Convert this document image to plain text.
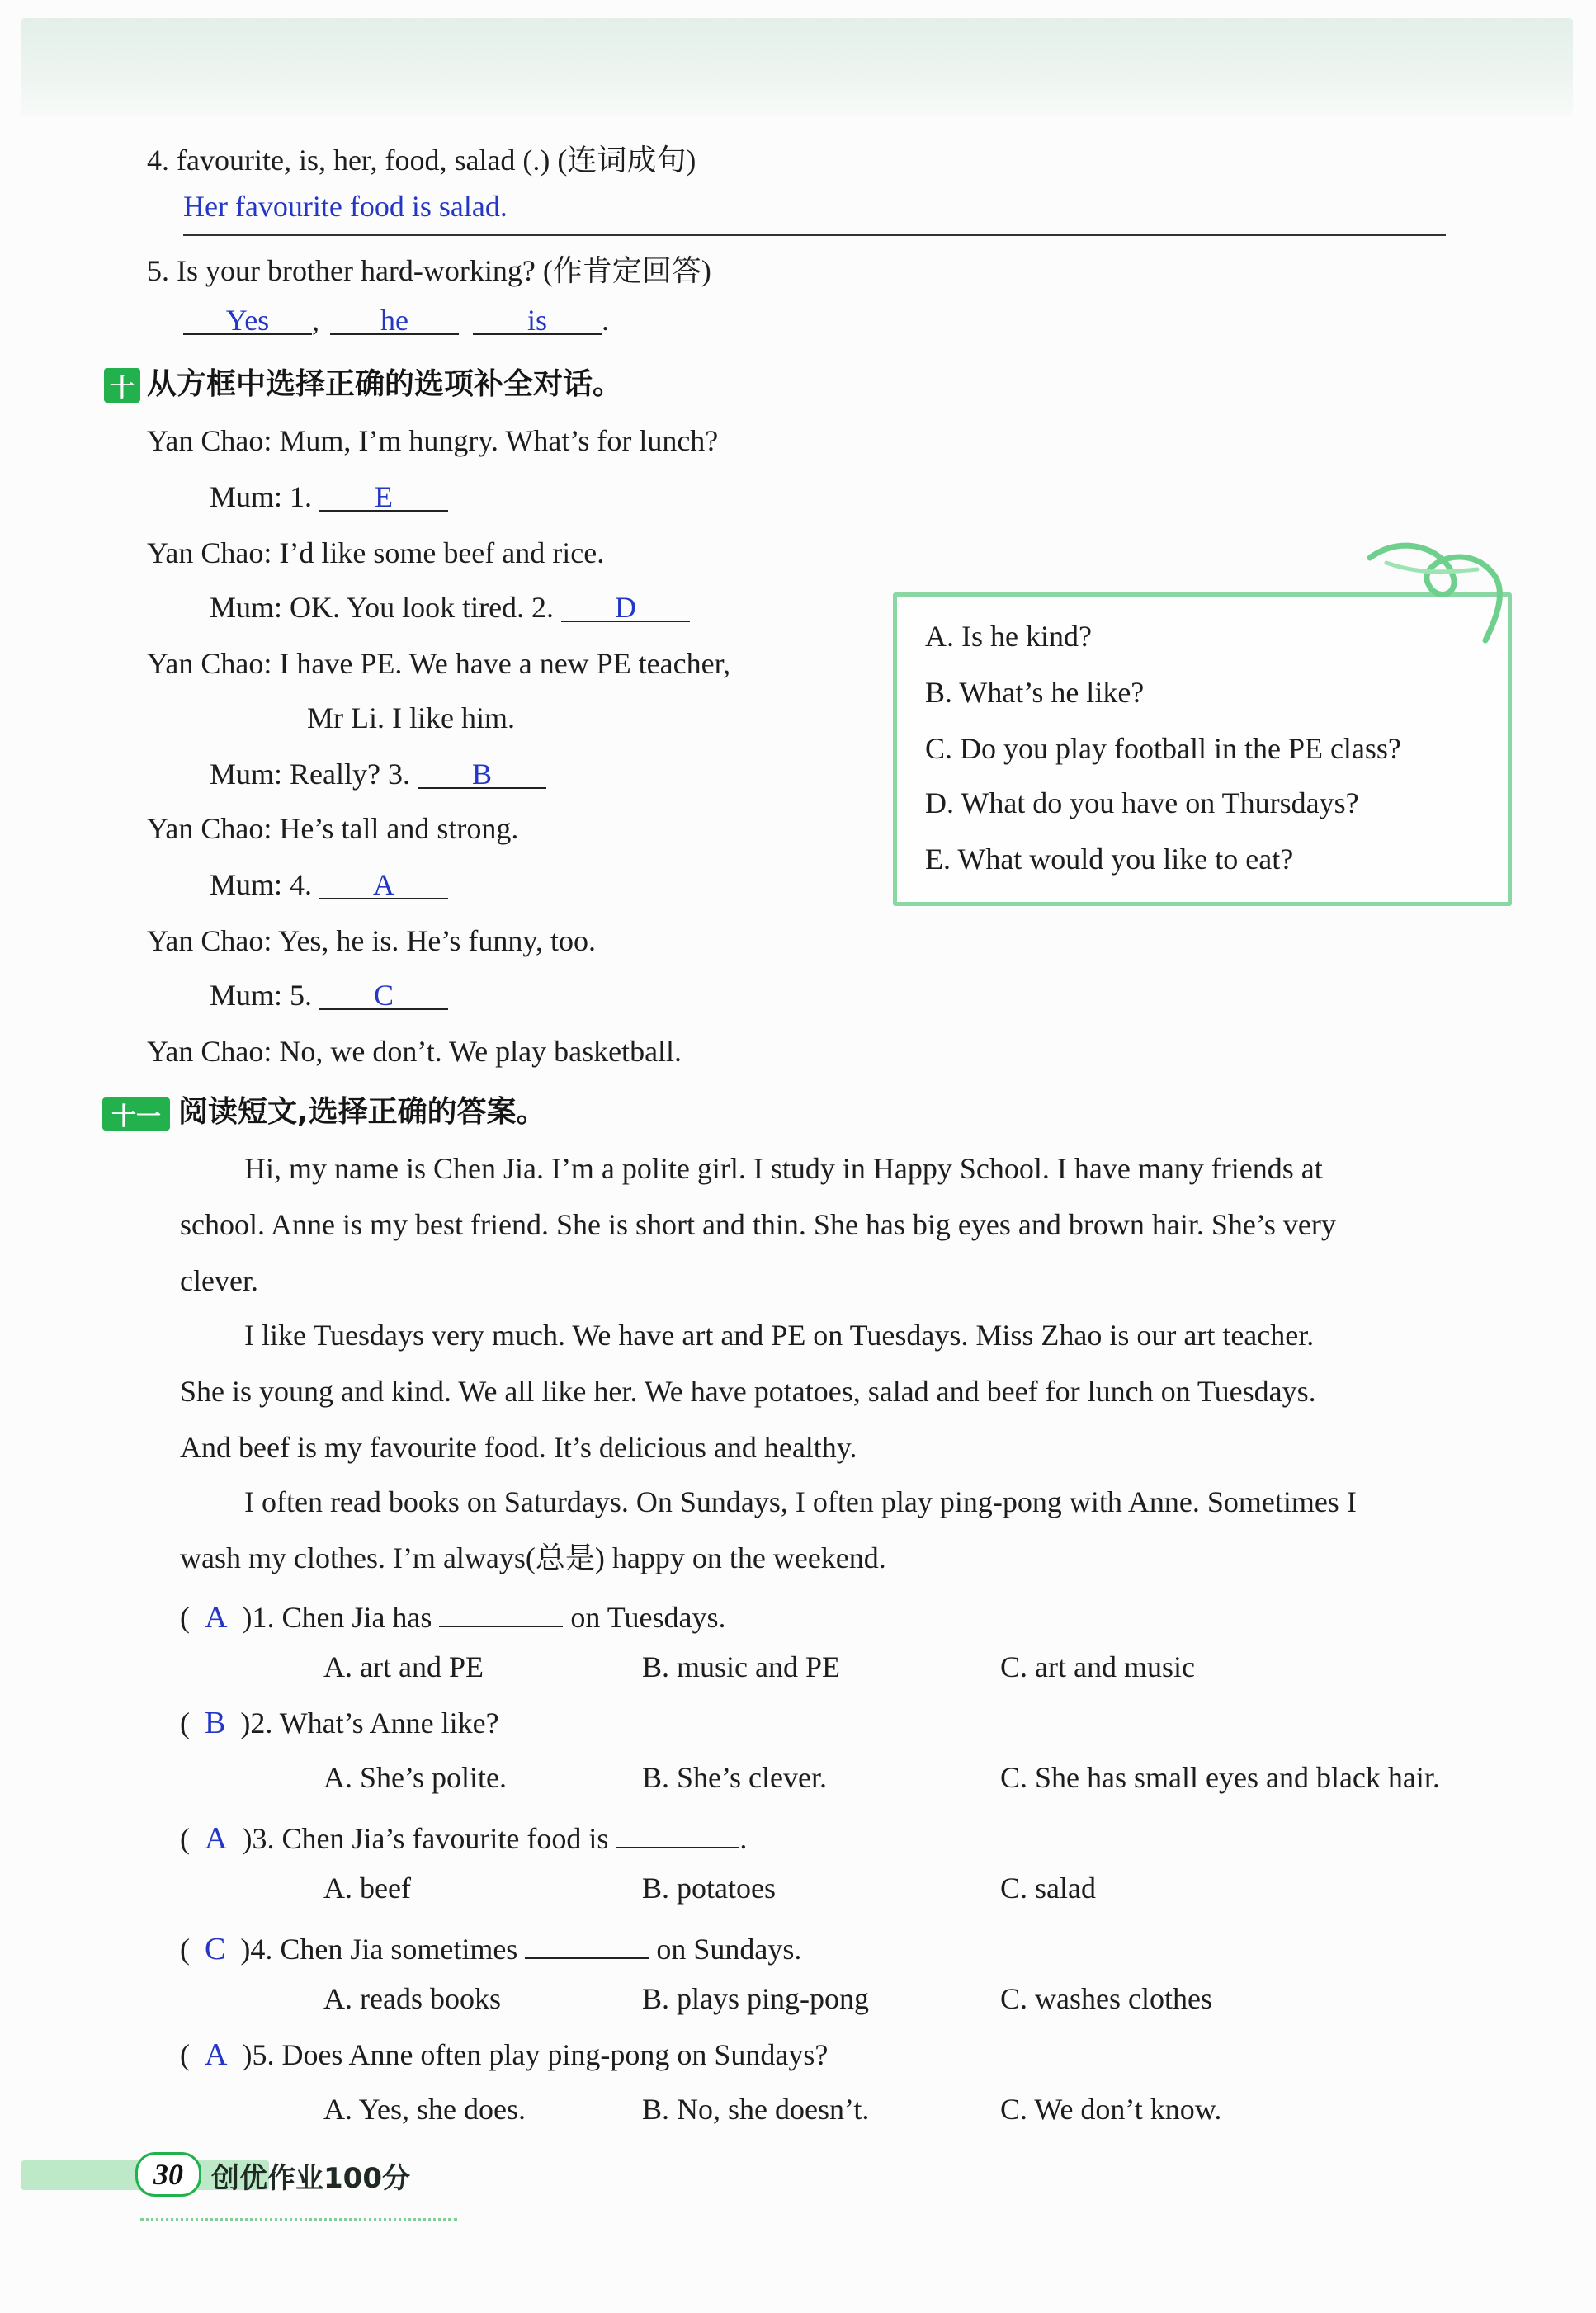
4. favourite, is, her, food, salad (.) (连词成句)
Her favourite food is salad.
5. Is your brother hard-working? (作肯定回答)
Yes , he	is .
十 从方框中选择正确的选项补全对话。
Yan Chao: Mum, I’m hungry. What’s for lunch?
Mum: 1. E
Yan Chao: I’d like some beef and rice.
Mum: OK. You look tired. 2. D
Yan Chao: I have PE. We have a new PE teacher,
Mr Li. I like him.
Mum: Really? 3. B
Yan Chao: He’s tall and strong.
Mum: 4. A
Yan Chao: Yes, he is. He’s funny, too.
Mum: 5. C
Yan Chao: No, we don’t. We play basketball.
A. Is he kind?
B. What’s he like?
C. Do you play football in the PE class?
D. What do you have on Thursdays?
E. What would you like to eat?
十一 阅读短文,选择正确的答案。
Hi, my name is Chen Jia. I’m a polite girl. I study in Happy School. I have many friends at
school. Anne is my best friend. She is short and thin. She has big eyes and brown hair. She’s very
clever.
I like Tuesdays very much. We have art and PE on Tuesdays. Miss Zhao is our art teacher.
She is young and kind. We all like her. We have potatoes, salad and beef for lunch on Tuesdays.
And beef is my favourite food. It’s delicious and healthy.
I often read books on Saturdays. On Sundays, I often play ping-pong with Anne. Sometimes I
wash my clothes. I’m always(总是) happy on the weekend.
(  A )1. Chen Jia has	on Tuesdays.
A. art and PE	B. music and PE	C. art and music
(  B )2. What’s Anne like?
A. She’s polite.	B. She’s clever.	C. She has small eyes and black hair.
(  A )3. Chen Jia’s favourite food is	.
A. beef	B. potatoes	C. salad
(  C )4. Chen Jia sometimes	on Sundays.
A. reads books	B. plays ping-pong	C. washes clothes
(  A )5. Does Anne often play ping-pong on Sundays?
A. Yes, she does.	B. No, she doesn’t.	C. We don’t know.
30	创优作业100分
